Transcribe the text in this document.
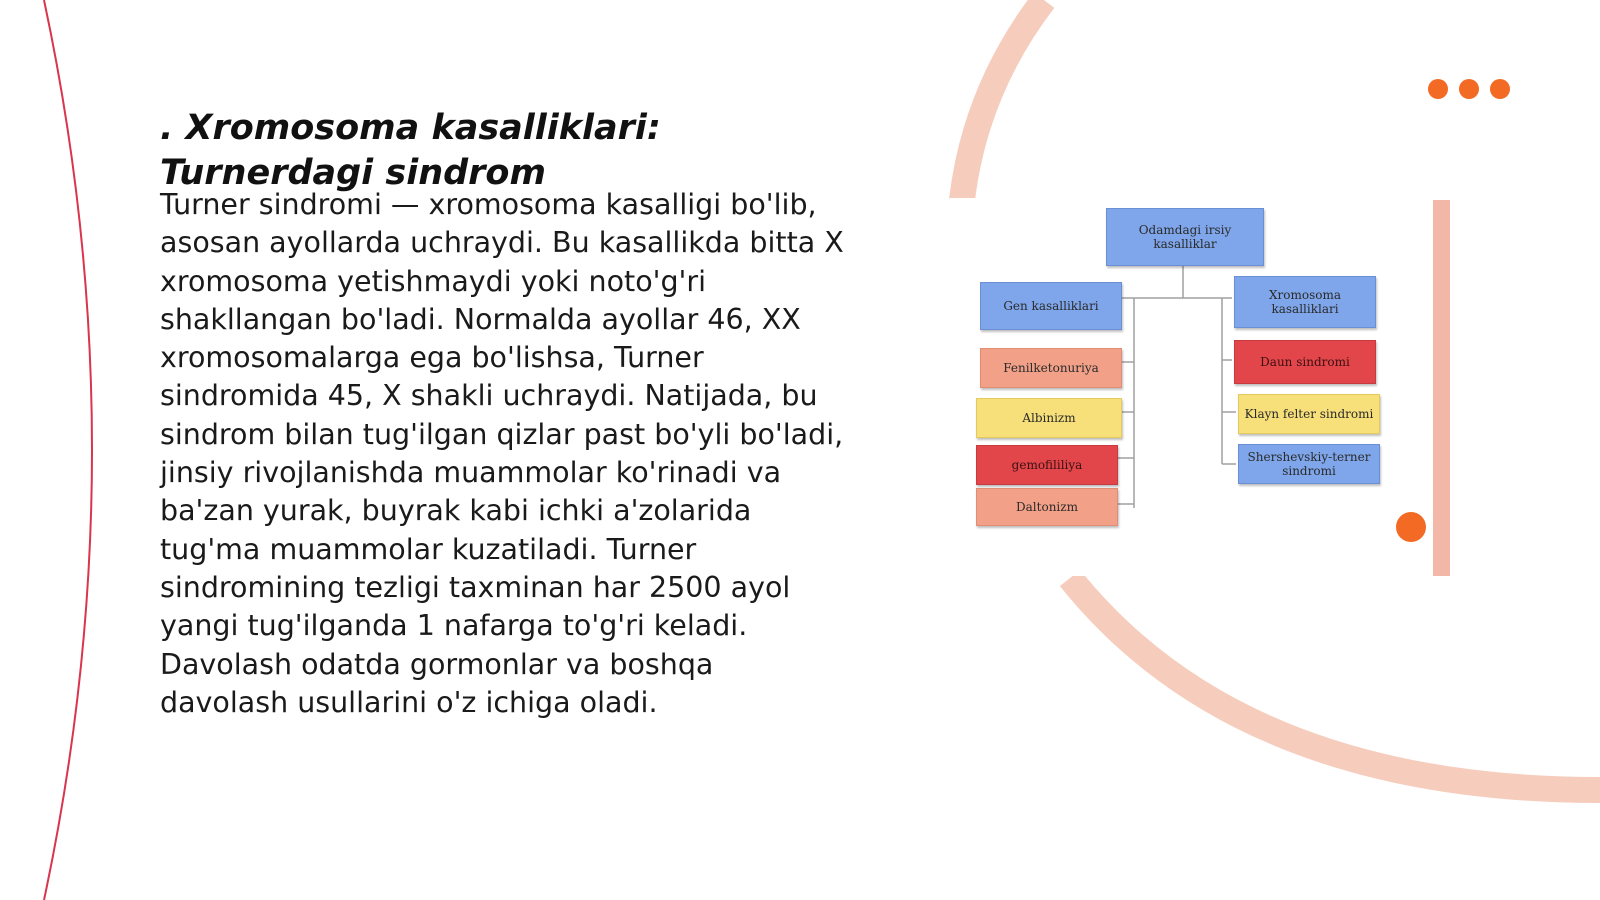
. Xromosoma kasalliklari: Turnerdagi sindrom

Turner sindromi — xromosoma kasalligi bo'lib, asosan ayollarda uchraydi. Bu kasallikda bitta X xromosoma yetishmaydi yoki noto'g'ri shakllangan bo'ladi. Normalda ayollar 46, XX xromosomalarga ega bo'lishsa, Turner sindromida 45, X shakli uchraydi. Natijada, bu sindrom bilan tug'ilgan qizlar past bo'yli bo'ladi, jinsiy rivojlanishda muammolar ko'rinadi va ba'zan yurak, buyrak kabi ichki a'zolarida tug'ma muammolar kuzatiladi. Turner sindromining tezligi taxminan har 2500 ayol yangi tug'ilganda 1 nafarga to'g'ri keladi. Davolash odatda gormonlar va boshqa davolash usullarini o'z ichiga oladi.

Odamdagi irsiy kasalliklar
Gen kasalliklari
Fenilketonuriya
Albinizm
gemofililiya
Daltonizm
Xromosoma kasalliklari
Daun sindromi
Klayn felter sindromi
Shershevskiy-terner sindromi
